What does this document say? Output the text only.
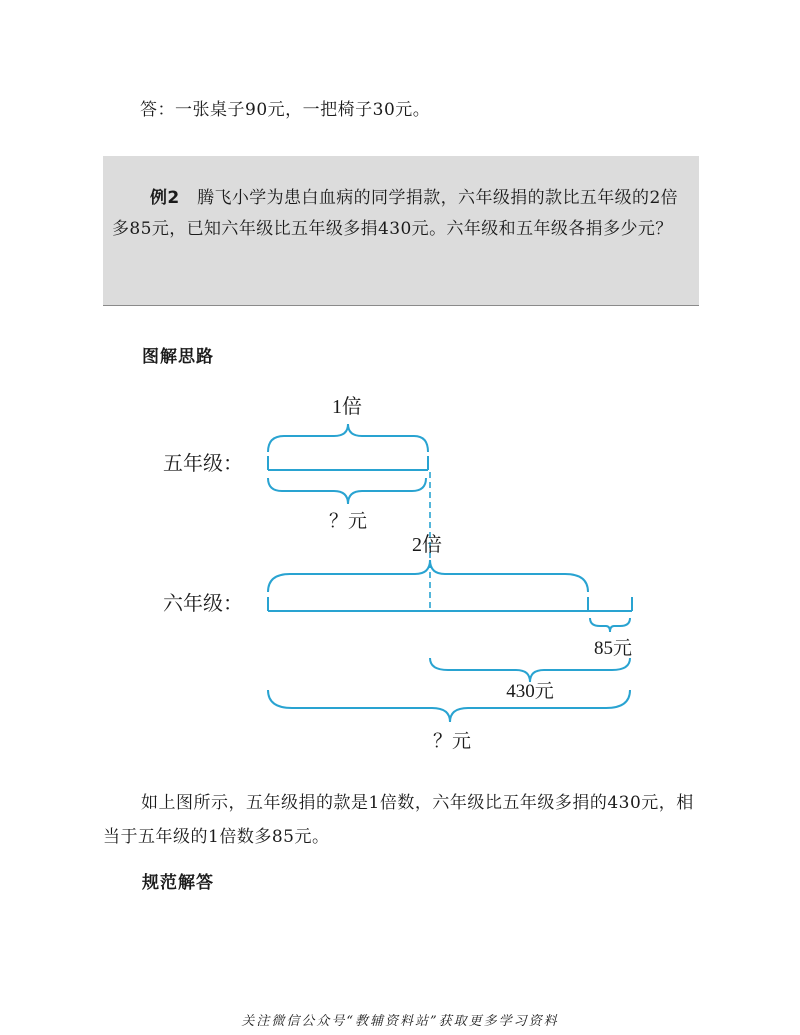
答：一张桌子90元，一把椅子30元。
例2 腾飞小学为患白血病的同学捐款，六年级捐的款比五年级的2倍多85元，已知六年级比五年级多捐430元。六年级和五年级各捐多少元？
图解思路
1倍
五年级：
？元
2倍
六年级：
85元
430元
？元
如上图所示，五年级捐的款是1倍数，六年级比五年级多捐的430元，相当于五年级的1倍数多85元。
规范解答
关注微信公众号“教辅资料站”获取更多学习资料
